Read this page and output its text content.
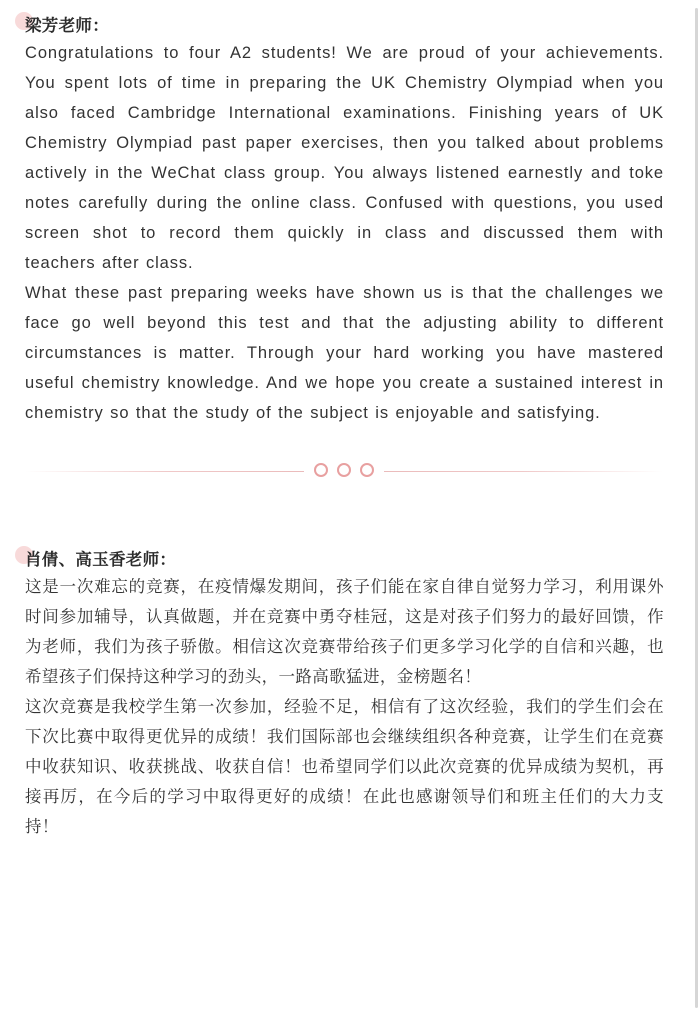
梁芳老师：

Congratulations to four A2 students! We are proud of your achievements. You spent lots of time in preparing the UK Chemistry Olympiad when you also faced Cambridge International examinations. Finishing years of UK Chemistry Olympiad past paper exercises, then you talked about problems actively in the WeChat class group. You always listened earnestly and toke notes carefully during the online class. Confused with questions, you used screen shot to record them quickly in class and discussed them with teachers after class.

What these past preparing weeks have shown us is that the challenges we face go well beyond this test and that the adjusting ability to different circumstances is matter. Through your hard working you have mastered useful chemistry knowledge. And we hope you create a sustained interest in chemistry so that the study of the subject is enjoyable and satisfying.

肖倩、高玉香老师：

这是一次难忘的竞赛，在疫情爆发期间，孩子们能在家自律自觉努力学习，利用课外时间参加辅导，认真做题，并在竞赛中勇夺桂冠，这是对孩子们努力的最好回馈，作为老师，我们为孩子骄傲。相信这次竞赛带给孩子们更多学习化学的自信和兴趣，也希望孩子们保持这种学习的劲头，一路高歌猛进，金榜题名！

这次竞赛是我校学生第一次参加，经验不足，相信有了这次经验，我们的学生们会在下次比赛中取得更优异的成绩！我们国际部也会继续组织各种竞赛，让学生们在竞赛中收获知识、收获挑战、收获自信！也希望同学们以此次竞赛的优异成绩为契机，再接再厉，在今后的学习中取得更好的成绩！在此也感谢领导们和班主任们的大力支持！
